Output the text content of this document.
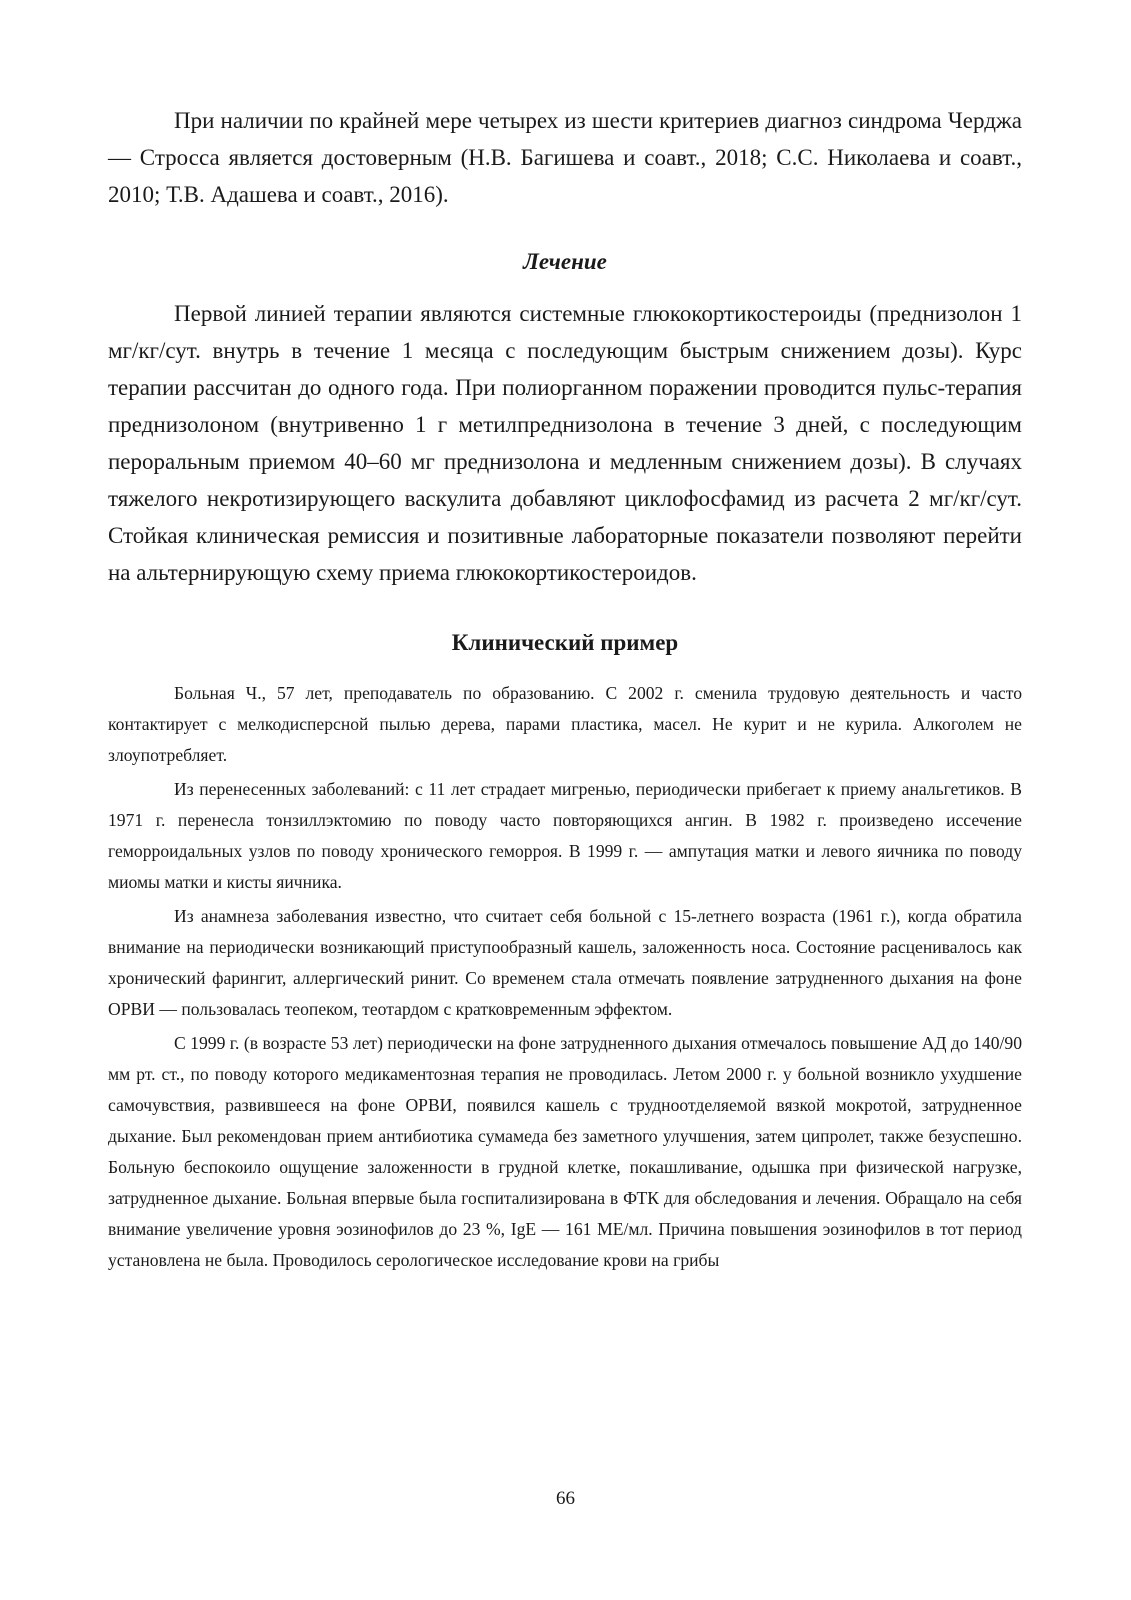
При наличии по крайней мере четырех из шести критериев диагноз синдрома Черджа — Стросса является достоверным (Н.В. Багишева и соавт., 2018; С.С. Николаева и соавт., 2010; Т.В. Адашева и соавт., 2016).

Лечение

Первой линией терапии являются системные глюкокортикостероиды (преднизолон 1 мг/кг/сут. внутрь в течение 1 месяца с последующим быстрым снижением дозы). Курс терапии рассчитан до одного года. При полиорганном поражении проводится пульс-терапия преднизолоном (внутривенно 1 г метилпреднизолона в течение 3 дней, с последующим пероральным приемом 40–60 мг преднизолона и медленным снижением дозы). В случаях тяжелого некротизирующего васкулита добавляют циклофосфамид из расчета 2 мг/кг/сут. Стойкая клиническая ремиссия и позитивные лабораторные показатели позволяют перейти на альтернирующую схему приема глюкокортикостероидов.

Клинический пример

Больная Ч., 57 лет, преподаватель по образованию. С 2002 г. сменила трудовую деятельность и часто контактирует с мелкодисперсной пылью дерева, парами пластика, масел. Не курит и не курила. Алкоголем не злоупотребляет.

Из перенесенных заболеваний: с 11 лет страдает мигренью, периодически прибегает к приему анальгетиков. В 1971 г. перенесла тонзиллэктомию по поводу часто повторяющихся ангин. В 1982 г. произведено иссечение геморроидальных узлов по поводу хронического геморроя. В 1999 г. — ампутация матки и левого яичника по поводу миомы матки и кисты яичника.

Из анамнеза заболевания известно, что считает себя больной с 15-летнего возраста (1961 г.), когда обратила внимание на периодически возникающий приступообразный кашель, заложенность носа. Состояние расценивалось как хронический фарингит, аллергический ринит. Со временем стала отмечать появление затрудненного дыхания на фоне ОРВИ — пользовалась теопеком, теотардом с кратковременным эффектом.

С 1999 г. (в возрасте 53 лет) периодически на фоне затрудненного дыхания отмечалось повышение АД до 140/90 мм рт. ст., по поводу которого медикаментозная терапия не проводилась. Летом 2000 г. у больной возникло ухудшение самочувствия, развившееся на фоне ОРВИ, появился кашель с трудноотделяемой вязкой мокротой, затрудненное дыхание. Был рекомендован прием антибиотика сумамеда без заметного улучшения, затем ципролет, также безуспешно. Больную беспокоило ощущение заложенности в грудной клетке, покашливание, одышка при физической нагрузке, затрудненное дыхание. Больная впервые была госпитализирована в ФТК для обследования и лечения. Обращало на себя внимание увеличение уровня эозинофилов до 23 %, IgE — 161 МЕ/мл. Причина повышения эозинофилов в тот период установлена не была. Проводилось серологическое исследование крови на грибы

66
